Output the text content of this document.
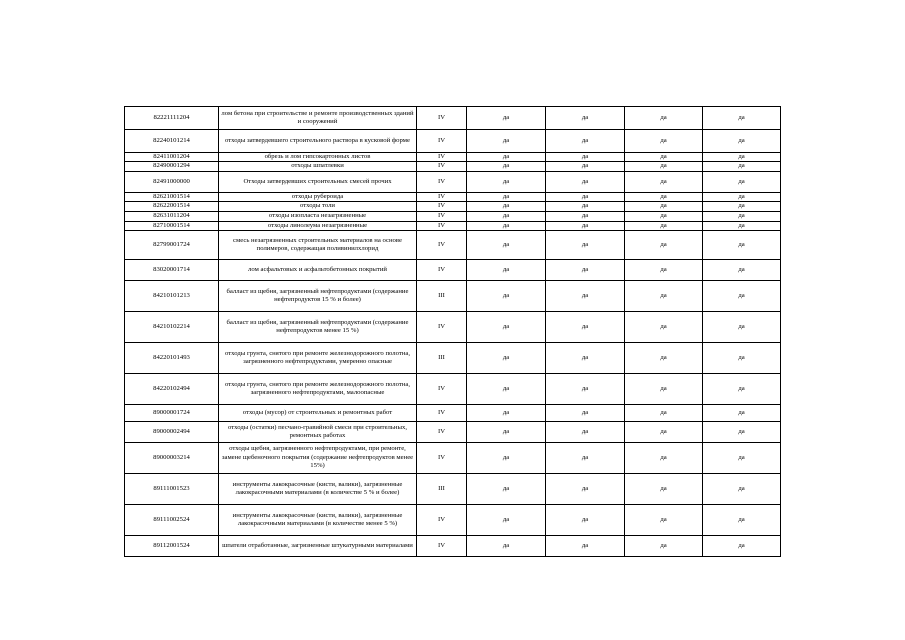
82221111204	лом бетона при строительстве и ремонте производственных зданий и сооружений	IV	да	да	да	да
82240101214	отходы затвердевшего строительного раствора в кусковой форме	IV	да	да	да	да
82411001204	обрезь и лом гипсокартонных листов	IV	да	да	да	да
82490001294	отходы шпатлевки	IV	да	да	да	да
82491000000	Отходы затвердевших строительных смесей прочих	IV	да	да	да	да
82621001514	отходы рубероида	IV	да	да	да	да
82622001514	отходы толи	IV	да	да	да	да
82631011204	отходы изопласта незагрязненные	IV	да	да	да	да
82710001514	отходы линолеума незагрязненные	IV	да	да	да	да
82799001724	смесь незагрязненных строительных материалов на основе полимеров, содержащая поливинилхлорид	IV	да	да	да	да
83020001714	лом асфальтовых и асфальтобетонных покрытий	IV	да	да	да	да
84210101213	балласт из щебня, загрязненный нефтепродуктами (содержание нефтепродуктов 15 % и более)	III	да	да	да	да
84210102214	балласт из щебня, загрязненный нефтепродуктами (содержание нефтепродуктов менее 15 %)	IV	да	да	да	да
84220101493	отходы грунта, снятого при ремонте железнодорожного полотна, загрязненного нефтепродуктами, умеренно опасные	III	да	да	да	да
84220102494	отходы грунта, снятого при ремонте железнодорожного полотна, загрязненного нефтепродуктами, малоопасные	IV	да	да	да	да
89000001724	отходы (мусор) от строительных и ремонтных работ	IV	да	да	да	да
89000002494	отходы (остатки) песчано-гравийной смеси при строительных, ремонтных работах	IV	да	да	да	да
89000003214	отходы щебня, загрязненного нефтепродуктами, при ремонте, замене щебеночного покрытия (содержание нефтепродуктов менее 15%)	IV	да	да	да	да
89111001523	инструменты лакокрасочные (кисти, валики), загрязненные лакокрасочными материалами (в количестве 5 % и более)	III	да	да	да	да
89111002524	инструменты лакокрасочные (кисти, валики), загрязненные лакокрасочными материалами (в количестве менее 5 %)	IV	да	да	да	да
89112001524	шпатели отработанные, загрязненные штукатурными материалами	IV	да	да	да	да
